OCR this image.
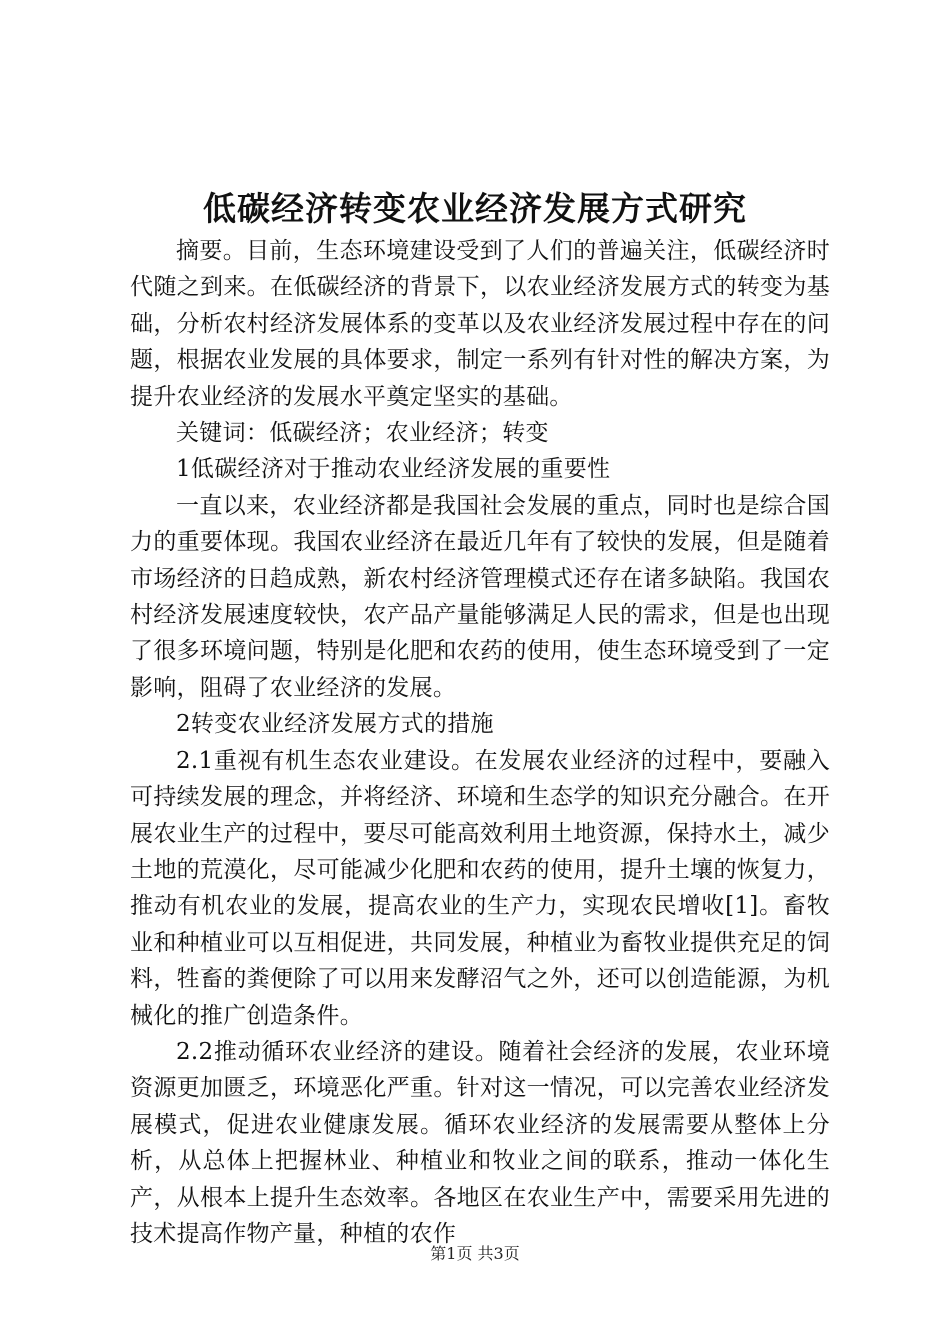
低碳经济转变农业经济发展方式研究

摘要。目前，生态环境建设受到了人们的普遍关注，低碳经济时代随之到来。在低碳经济的背景下，以农业经济发展方式的转变为基础，分析农村经济发展体系的变革以及农业经济发展过程中存在的问题，根据农业发展的具体要求，制定一系列有针对性的解决方案，为提升农业经济的发展水平奠定坚实的基础。

关键词：低碳经济；农业经济；转变

1低碳经济对于推动农业经济发展的重要性

一直以来，农业经济都是我国社会发展的重点，同时也是综合国力的重要体现。我国农业经济在最近几年有了较快的发展，但是随着市场经济的日趋成熟，新农村经济管理模式还存在诸多缺陷。我国农村经济发展速度较快，农产品产量能够满足人民的需求，但是也出现了很多环境问题，特别是化肥和农药的使用，使生态环境受到了一定影响，阻碍了农业经济的发展。

2转变农业经济发展方式的措施

2.1重视有机生态农业建设。在发展农业经济的过程中，要融入可持续发展的理念，并将经济、环境和生态学的知识充分融合。在开展农业生产的过程中，要尽可能高效利用土地资源，保持水土，减少土地的荒漠化，尽可能减少化肥和农药的使用，提升土壤的恢复力，推动有机农业的发展，提高农业的生产力，实现农民增收[1]。畜牧业和种植业可以互相促进，共同发展，种植业为畜牧业提供充足的饲料，牲畜的粪便除了可以用来发酵沼气之外，还可以创造能源，为机械化的推广创造条件。

2.2推动循环农业经济的建设。随着社会经济的发展，农业环境资源更加匮乏，环境恶化严重。针对这一情况，可以完善农业经济发展模式，促进农业健康发展。循环农业经济的发展需要从整体上分析，从总体上把握林业、种植业和牧业之间的联系，推动一体化生产，从根本上提升生态效率。各地区在农业生产中，需要采用先进的技术提高作物产量，种植的农作

第1页 共3页
